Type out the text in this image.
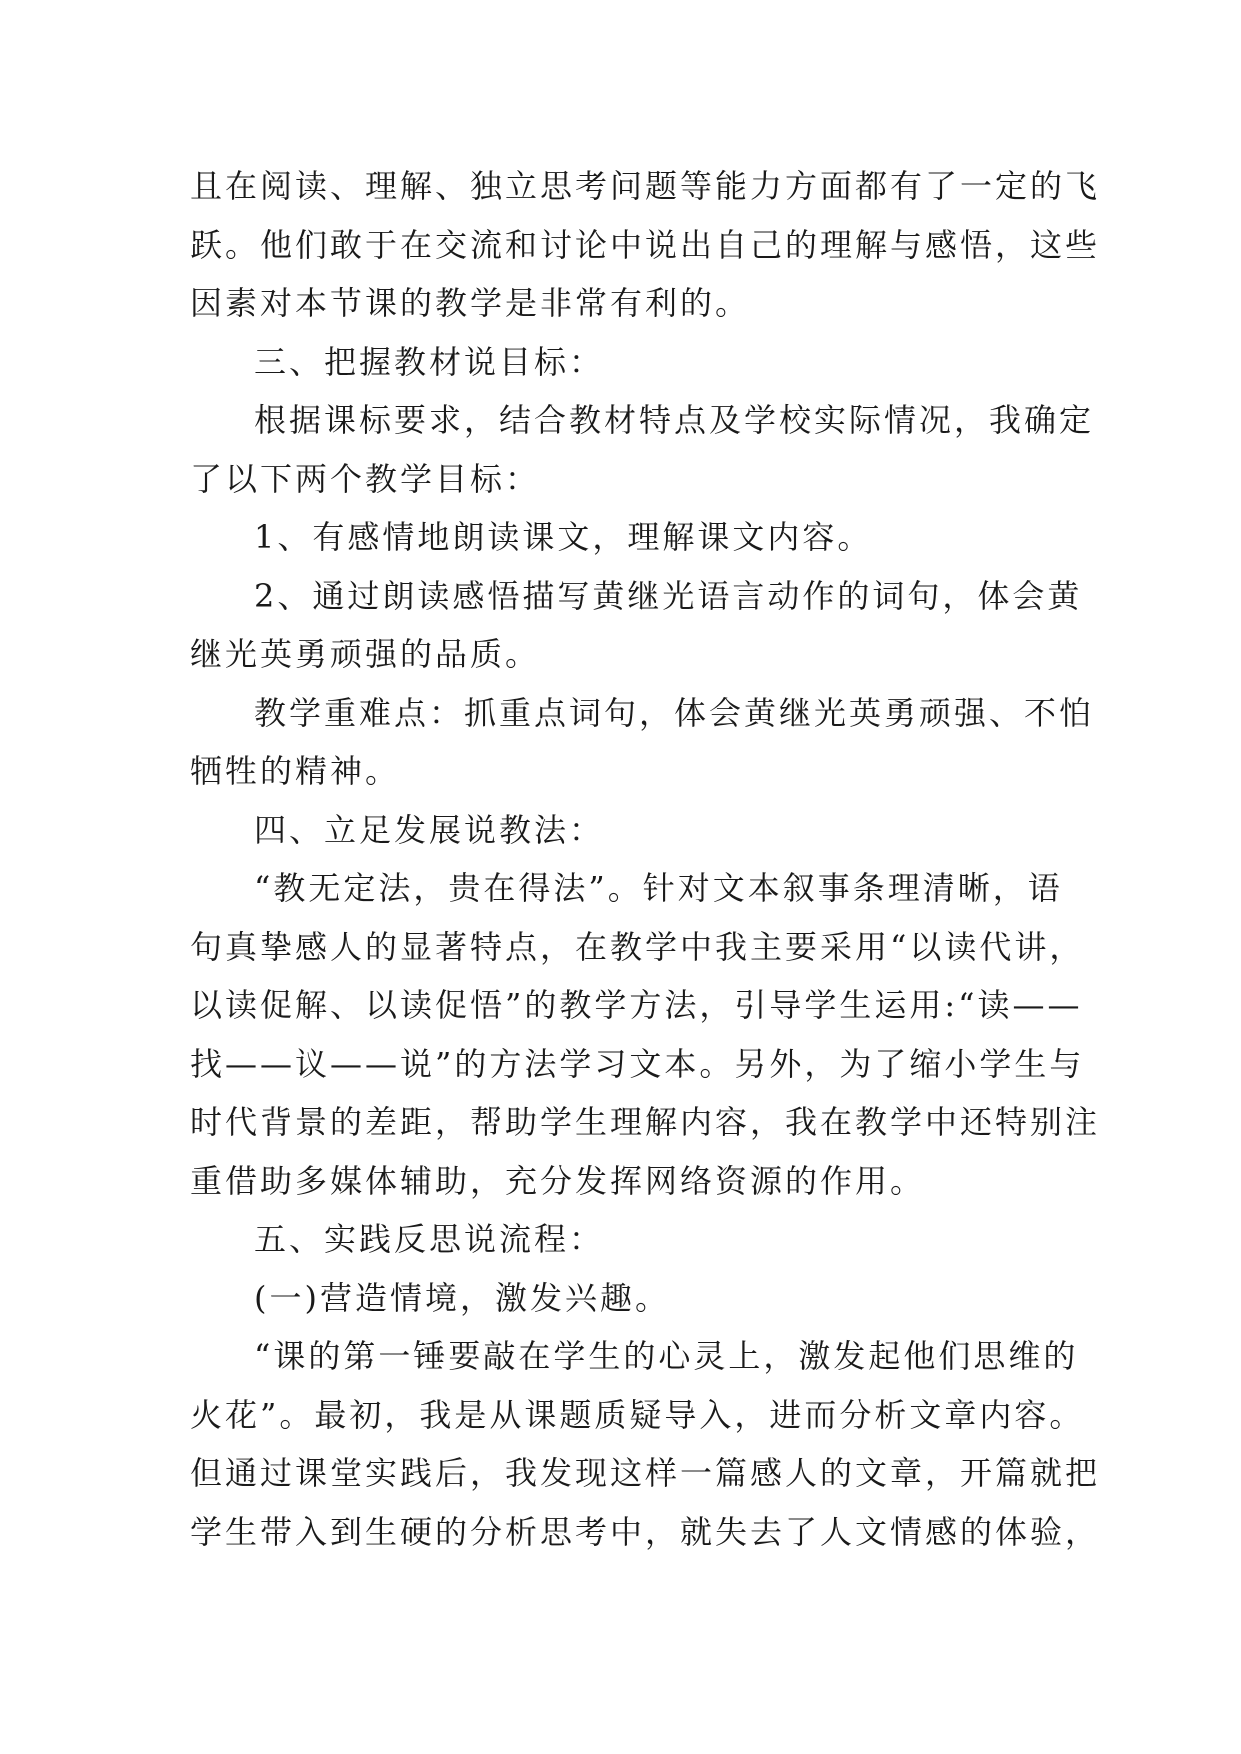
且在阅读、理解、独立思考问题等能力方面都有了一定的飞
跃。他们敢于在交流和讨论中说出自己的理解与感悟，这些
因素对本节课的教学是非常有利的。
三、把握教材说目标：
根据课标要求，结合教材特点及学校实际情况，我确定
了以下两个教学目标：
1、有感情地朗读课文，理解课文内容。
2、通过朗读感悟描写黄继光语言动作的词句，体会黄
继光英勇顽强的品质。
教学重难点：抓重点词句，体会黄继光英勇顽强、不怕
牺牲的精神。
四、立足发展说教法：
“教无定法，贵在得法”。针对文本叙事条理清晰，语
句真挚感人的显著特点，在教学中我主要采用“以读代讲，
以读促解、以读促悟”的教学方法，引导学生运用:“读——
找——议——说”的方法学习文本。另外，为了缩小学生与
时代背景的差距，帮助学生理解内容，我在教学中还特别注
重借助多媒体辅助，充分发挥网络资源的作用。
五、实践反思说流程：
(一)营造情境，激发兴趣。
“课的第一锤要敲在学生的心灵上，激发起他们思维的
火花”。最初，我是从课题质疑导入，进而分析文章内容。
但通过课堂实践后，我发现这样一篇感人的文章，开篇就把
学生带入到生硬的分析思考中，就失去了人文情感的体验，
